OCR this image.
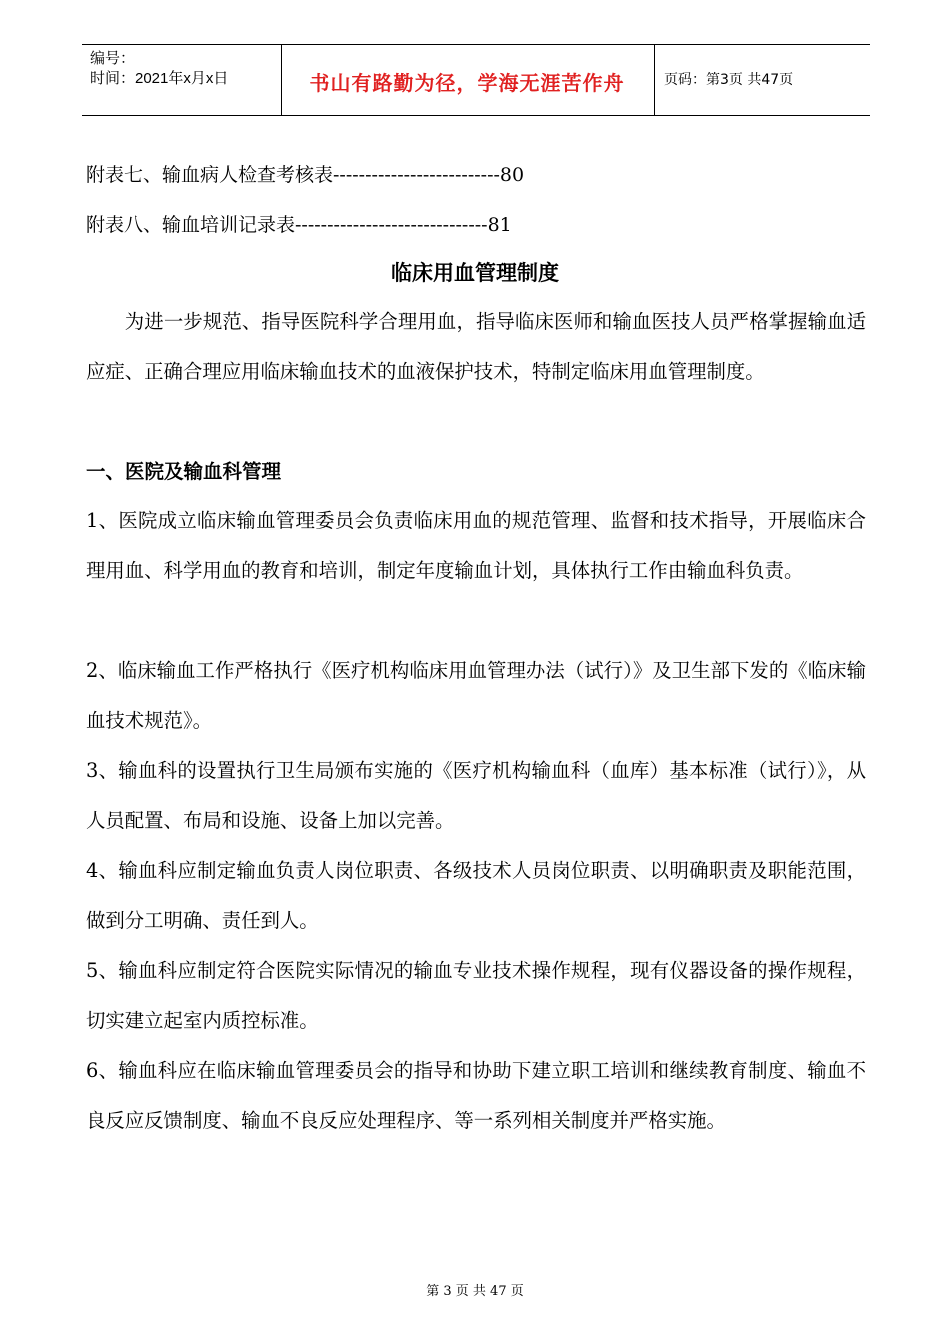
编号：
时间：2021年x月x日	书山有路勤为径，学海无涯苦作舟	页码：第3页 共47页
附表七、输血病人检查考核表--------------------------80
附表八、输血培训记录表------------------------------81
临床用血管理制度

为进一步规范、指导医院科学合理用血，指导临床医师和输血医技人员严格掌握输血适应症、正确合理应用临床输血技术的血液保护技术，特制定临床用血管理制度。

一、医院及输血科管理

1、医院成立临床输血管理委员会负责临床用血的规范管理、监督和技术指导，开展临床合理用血、科学用血的教育和培训，制定年度输血计划，具体执行工作由输血科负责。

2、临床输血工作严格执行《医疗机构临床用血管理办法（试行）》及卫生部下发的《临床输血技术规范》。

3、输血科的设置执行卫生局颁布实施的《医疗机构输血科（血库）基本标准（试行）》，从人员配置、布局和设施、设备上加以完善。

4、输血科应制定输血负责人岗位职责、各级技术人员岗位职责、以明确职责及职能范围，做到分工明确、责任到人。

5、输血科应制定符合医院实际情况的输血专业技术操作规程，现有仪器设备的操作规程，切实建立起室内质控标准。

6、输血科应在临床输血管理委员会的指导和协助下建立职工培训和继续教育制度、输血不良反应反馈制度、输血不良反应处理程序、等一系列相关制度并严格实施。

第 3 页 共 47 页
